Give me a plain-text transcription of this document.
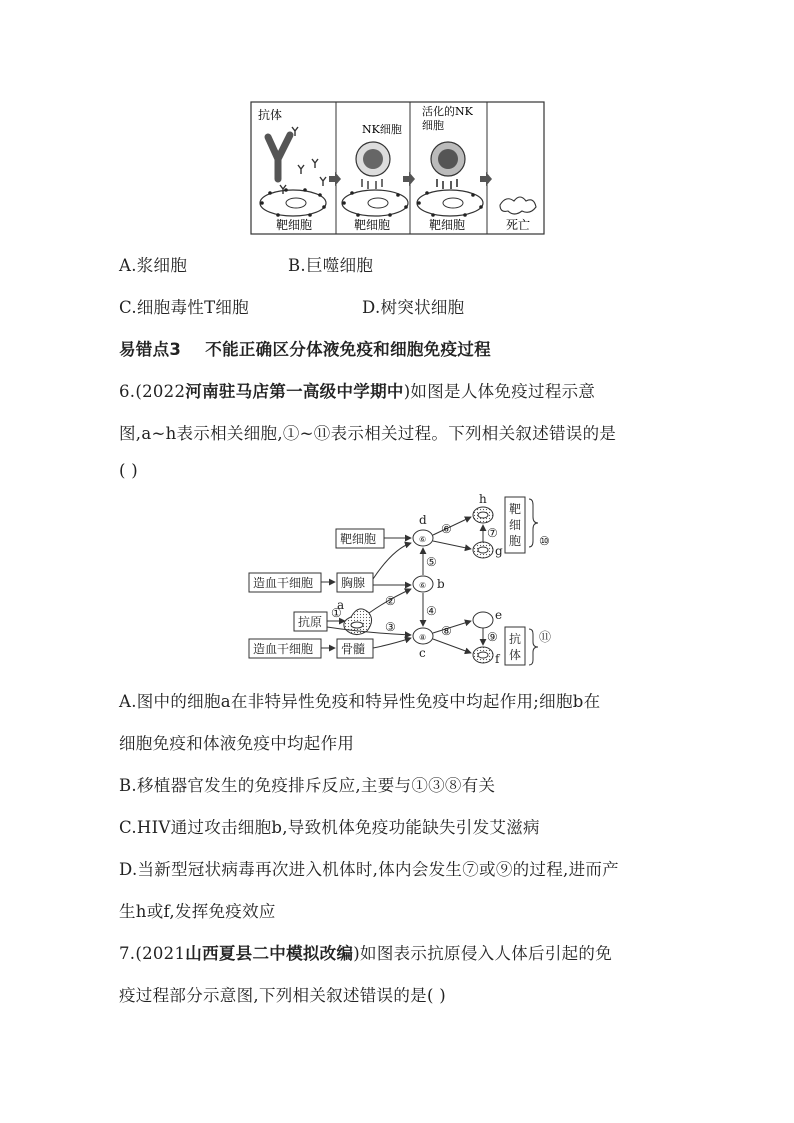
抗体
靶细胞
NK细胞
靶细胞
活化的NK
细胞
靶细胞	死亡
A.浆细胞	B.巨噬细胞
C.细胞毒性T细胞	D.树突状细胞
易错点3 不能正确区分体液免疫和细胞免疫过程
6.(2022河南驻马店第一高级中学期中)如图是人体免疫过程示意
图,a~h表示相关细胞,①~⑪表示相关过程。下列相关叙述错误的是
( )
靶细胞
造血干细胞 胸腺
抗原
造血干细胞 骨髓
靶
细
胞
抗
体
⑩
⑪
⑥
d
⑥ b
a
⑧
c
h
g
e
f
⑥	⑦
⑤
①
②
③
④
⑧	⑨
A.图中的细胞a在非特异性免疫和特异性免疫中均起作用;细胞b在
细胞免疫和体液免疫中均起作用
B.移植器官发生的免疫排斥反应,主要与①③⑧有关
C.HIV通过攻击细胞b,导致机体免疫功能缺失引发艾滋病
D.当新型冠状病毒再次进入机体时,体内会发生⑦或⑨的过程,进而产
生h或f,发挥免疫效应
7.(2021山西夏县二中模拟改编)如图表示抗原侵入人体后引起的免
疫过程部分示意图,下列相关叙述错误的是( )
